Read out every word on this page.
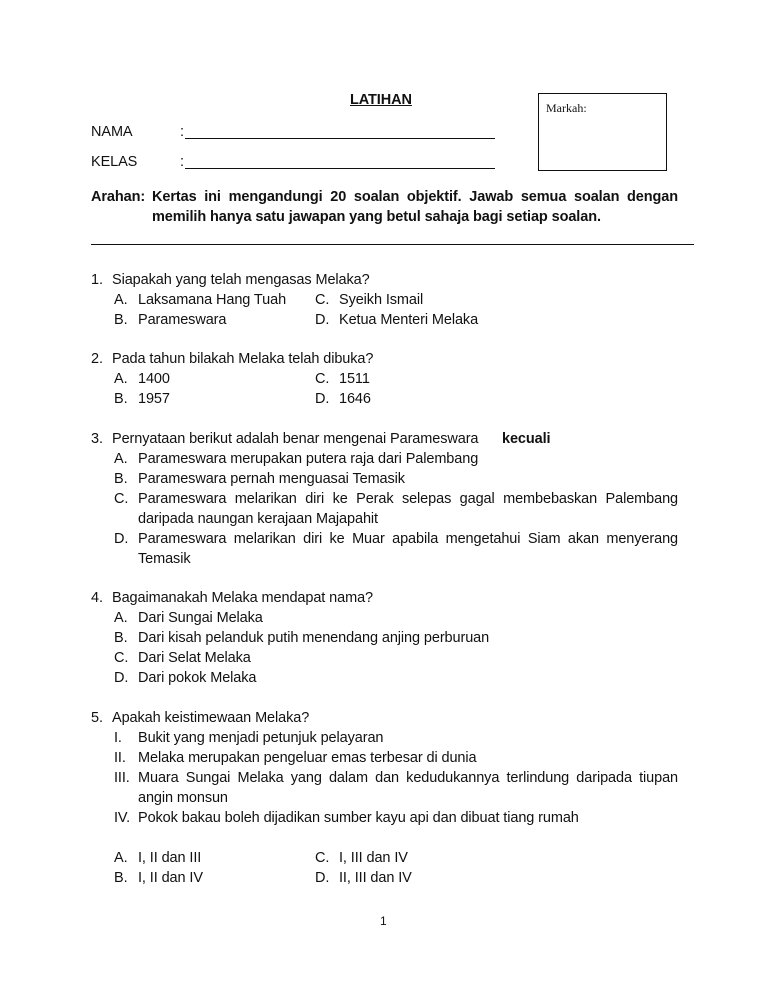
LATIHAN	Markah:
NAMA	:
KELAS	:
Arahan: Kertas ini mengandungi 20 soalan objektif. Jawab semua soalan dengan
memilih hanya satu jawapan yang betul sahaja bagi setiap soalan.
1. Siapakah yang telah mengasas Melaka?
A. Laksamana Hang Tuah C. Syeikh Ismail
B. Parameswara	D. Ketua Menteri Melaka
2. Pada tahun bilakah Melaka telah dibuka?
A. 1400	C. 1511
B. 1957	D. 1646
3. Pernyataan berikut adalah benar mengenai Parameswara kecuali
A. Parameswara merupakan putera raja dari Palembang
B. Parameswara pernah menguasai Temasik
C. Parameswara melarikan diri ke Perak selepas gagal membebaskan Palembang
daripada naungan kerajaan Majapahit
D. Parameswara melarikan diri ke Muar apabila mengetahui Siam akan menyerang
Temasik
4. Bagaimanakah Melaka mendapat nama?
A. Dari Sungai Melaka
B. Dari kisah pelanduk putih menendang anjing perburuan
C. Dari Selat Melaka
D. Dari pokok Melaka
5. Apakah keistimewaan Melaka?
I. Bukit yang menjadi petunjuk pelayaran
II. Melaka merupakan pengeluar emas terbesar di dunia
III. Muara Sungai Melaka yang dalam dan kedudukannya terlindung daripada tiupan
angin monsun
IV. Pokok bakau boleh dijadikan sumber kayu api dan dibuat tiang rumah
A. I, II dan III	C. I, III dan IV
B. I, II dan IV	D. II, III dan IV
1
